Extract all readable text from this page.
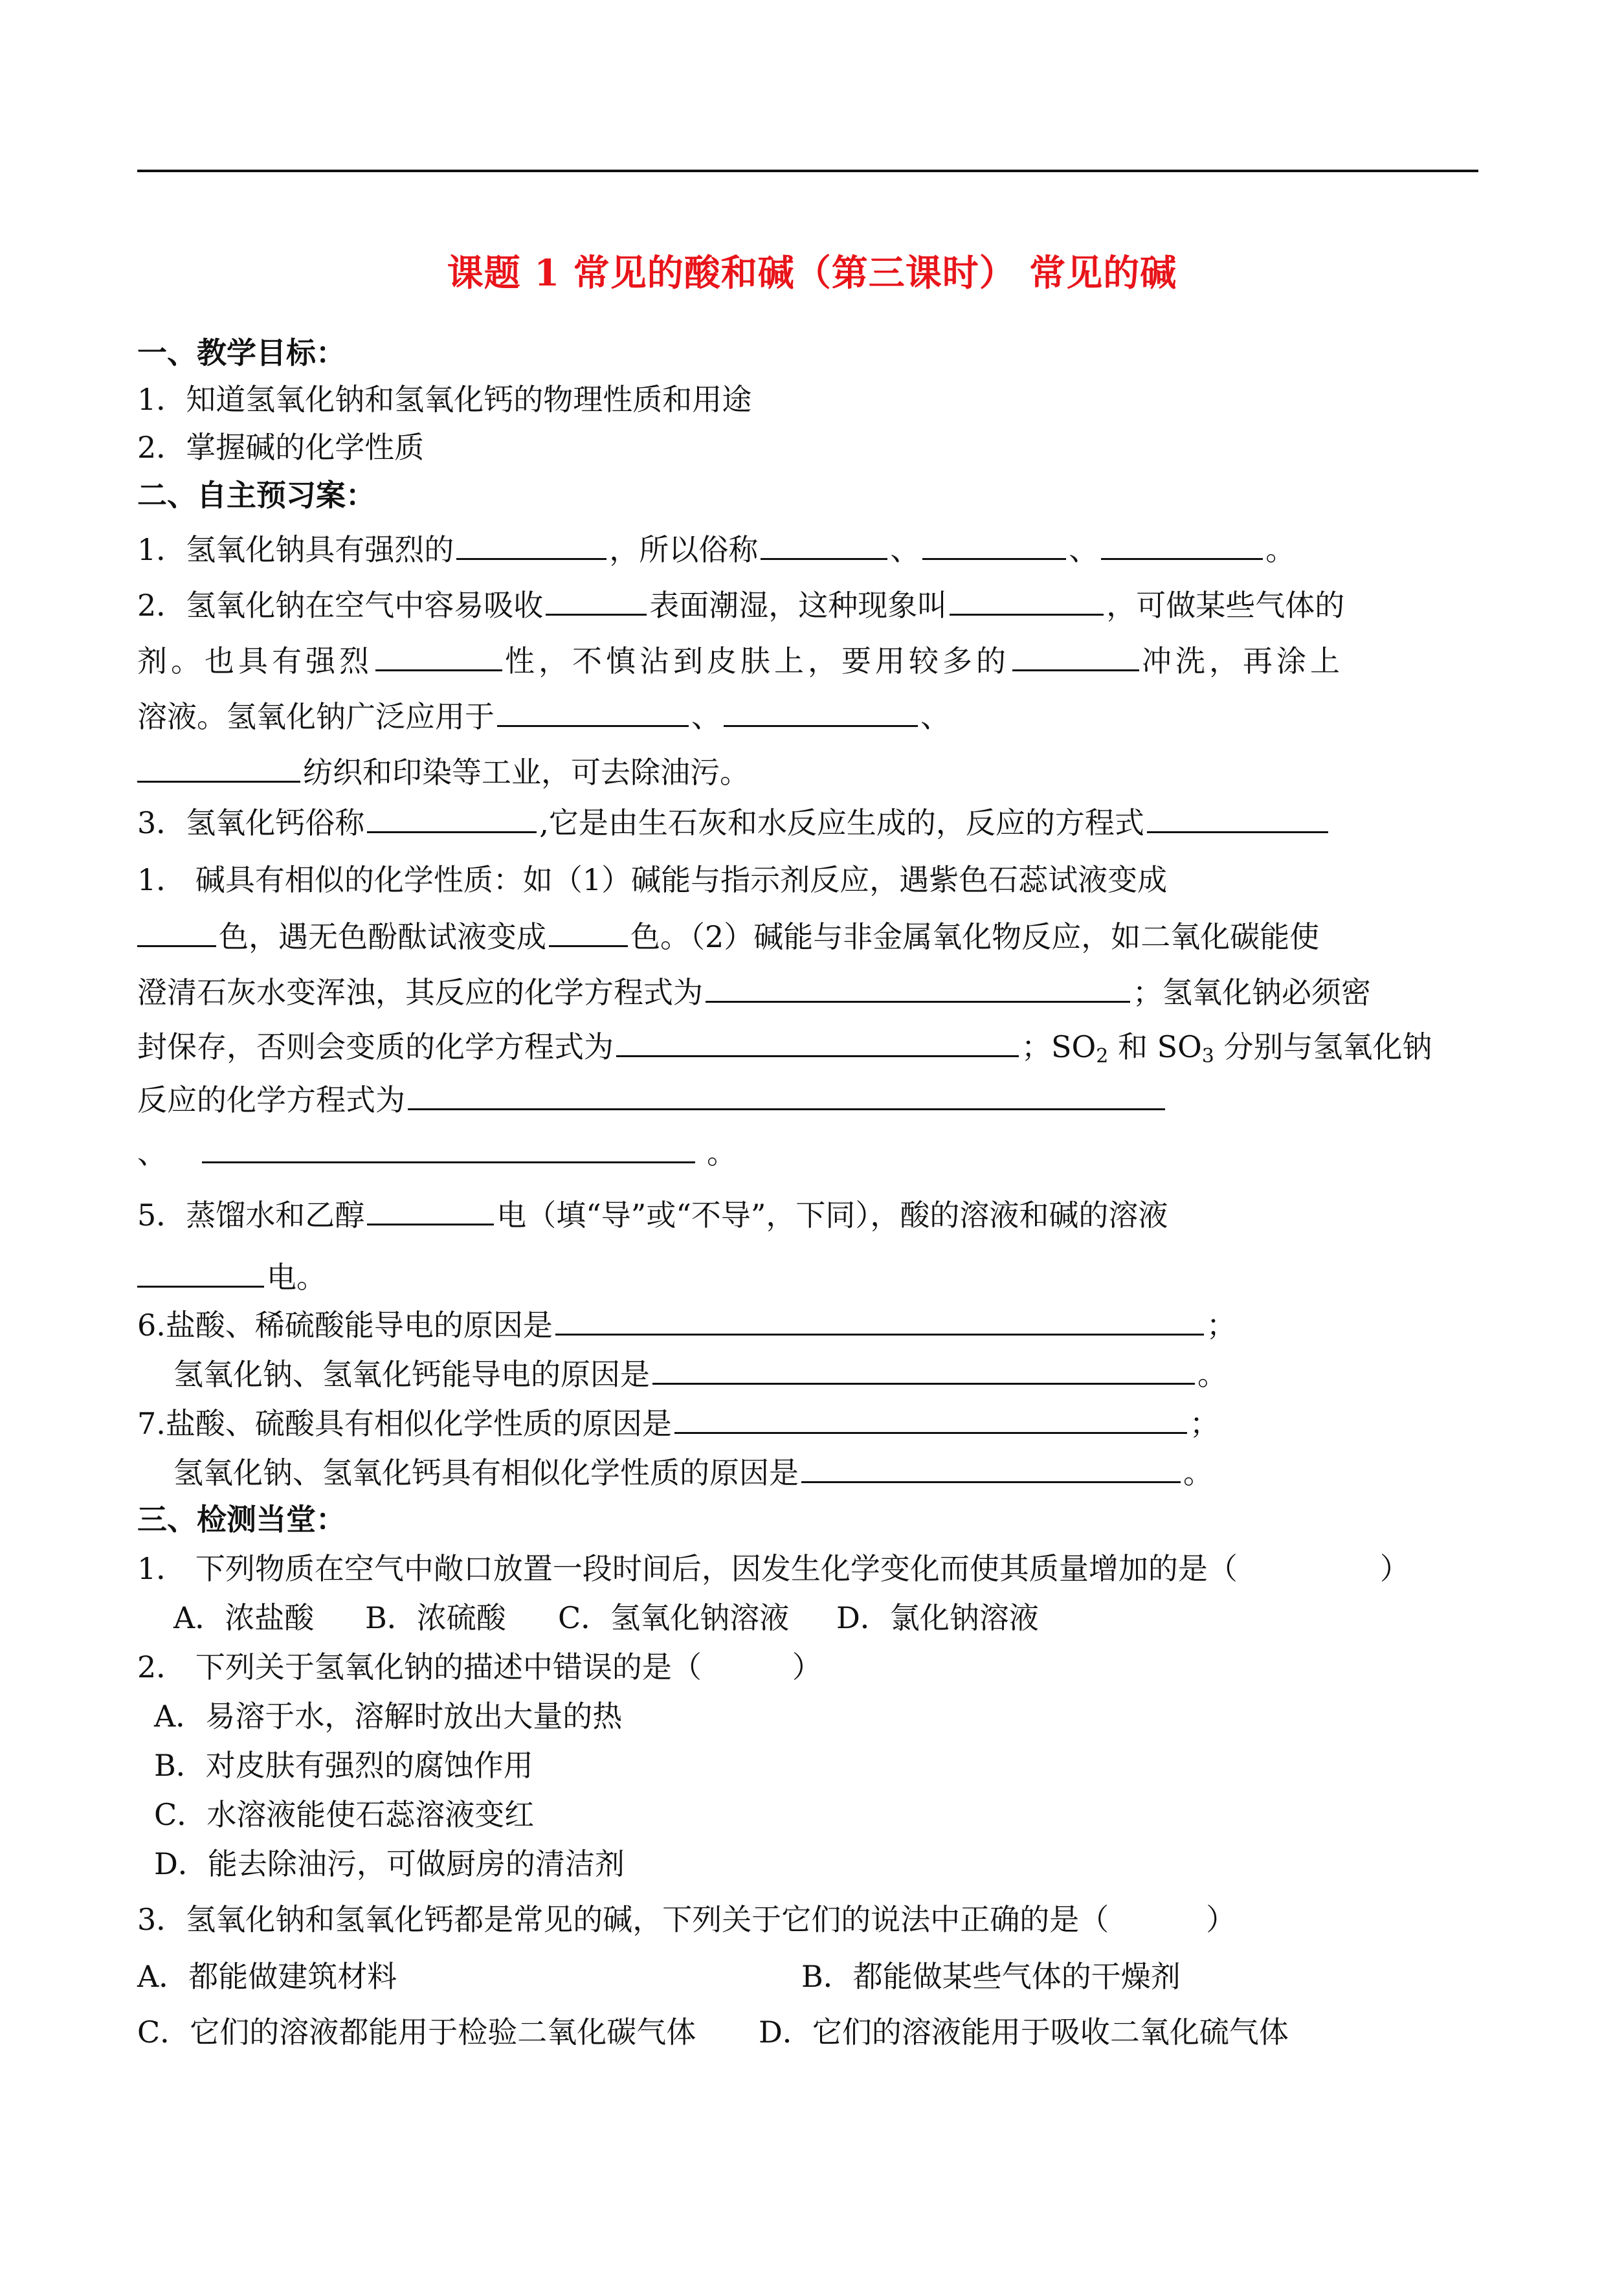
课题 1 常见的酸和碱（第三课时） 常见的碱
一、教学目标：
1．知道氢氧化钠和氢氧化钙的物理性质和用途
2．掌握碱的化学性质
二、自主预习案：
1．氢氧化钠具有强烈的	，所以俗称	、	、	。
2．氢氧化钠在空气中容易吸收	表面潮湿，这种现象叫	，可做某些气体的
剂。也具有强烈	性，不慎沾到皮肤上，要用较多的	冲洗，再涂上
溶液。氢氧化钠广泛应用于	、	、
纺织和印染等工业，可去除油污。
3．氢氧化钙俗称	,它是由生石灰和水反应生成的，反应的方程式
1． 碱具有相似的化学性质：如（1）碱能与指示剂反应，遇紫色石蕊试液变成
色，遇无色酚酞试液变成	色。（2）碱能与非金属氧化物反应，如二氧化碳能使
澄清石灰水变浑浊，其反应的化学方程式为	；氢氧化钠必须密
封保存，否则会变质的化学方程式为	；$SO_2$ 和 $SO_3$ 分别与氢氧化钠
反应的化学方程式为
、	。
5．蒸馏水和乙醇	电（填“导”或“不导”，下同），酸的溶液和碱的溶液
电。
6.盐酸、稀硫酸能导电的原因是	；
氢氧化钠、氢氧化钙能导电的原因是	。
7.盐酸、硫酸具有相似化学性质的原因是	；
氢氧化钠、氢氧化钙具有相似化学性质的原因是	。
三、检测当堂：
1． 下列物质在空气中敞口放置一段时间后，因发生化学变化而使其质量增加的是（	）
A．浓盐酸 B．浓硫酸 C．氢氧化钠溶液 D．氯化钠溶液
2． 下列关于氢氧化钠的描述中错误的是（	）
A．易溶于水，溶解时放出大量的热
B．对皮肤有强烈的腐蚀作用
C．水溶液能使石蕊溶液变红
D．能去除油污，可做厨房的清洁剂
3．氢氧化钠和氢氧化钙都是常见的碱，下列关于它们的说法中正确的是（	）
A．都能做建筑材料	B．都能做某些气体的干燥剂
C．它们的溶液都能用于检验二氧化碳气体 D．它们的溶液能用于吸收二氧化硫气体
